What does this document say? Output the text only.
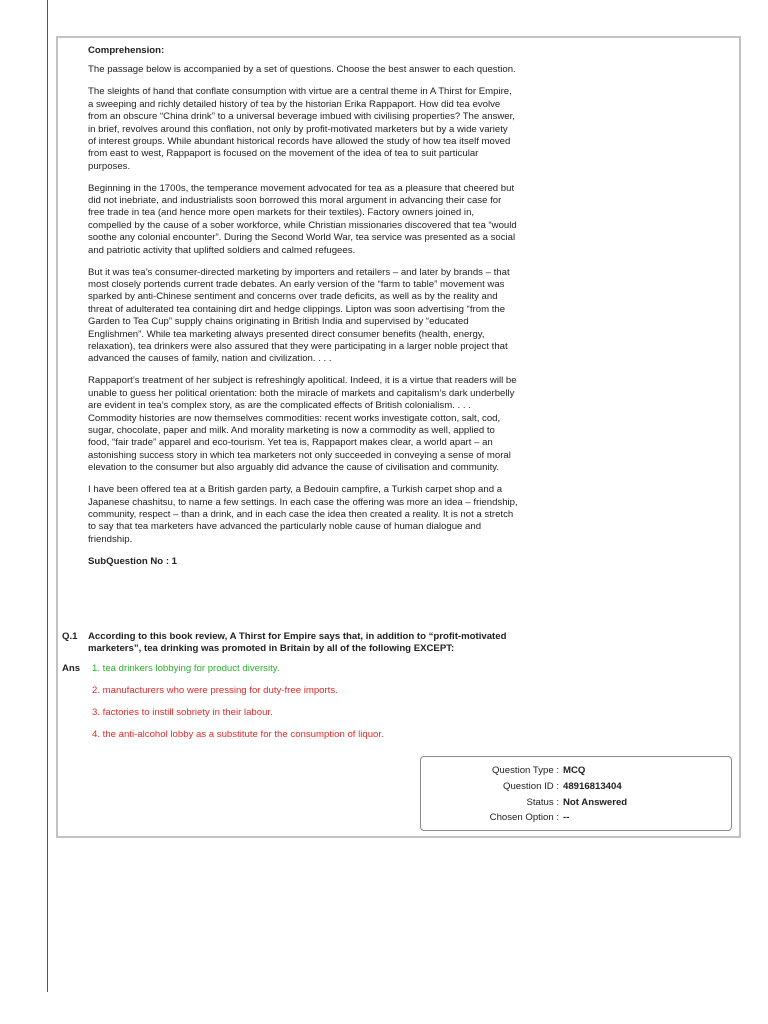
Comprehension:

The passage below is accompanied by a set of questions. Choose the best answer to each question.

The sleights of hand that conflate consumption with virtue are a central theme in A Thirst for Empire, a sweeping and richly detailed history of tea by the historian Erika Rappaport. How did tea evolve from an obscure “China drink” to a universal beverage imbued with civilising properties? The answer, in brief, revolves around this conflation, not only by profit-motivated marketers but by a wide variety of interest groups. While abundant historical records have allowed the study of how tea itself moved from east to west, Rappaport is focused on the movement of the idea of tea to suit particular purposes.

Beginning in the 1700s, the temperance movement advocated for tea as a pleasure that cheered but did not inebriate, and industrialists soon borrowed this moral argument in advancing their case for free trade in tea (and hence more open markets for their textiles). Factory owners joined in, compelled by the cause of a sober workforce, while Christian missionaries discovered that tea “would soothe any colonial encounter”. During the Second World War, tea service was presented as a social and patriotic activity that uplifted soldiers and calmed refugees.

But it was tea’s consumer-directed marketing by importers and retailers – and later by brands – that most closely portends current trade debates. An early version of the “farm to table” movement was sparked by anti-Chinese sentiment and concerns over trade deficits, as well as by the reality and threat of adulterated tea containing dirt and hedge clippings. Lipton was soon advertising “from the Garden to Tea Cup” supply chains originating in British India and supervised by “educated Englishmen”. While tea marketing always presented direct consumer benefits (health, energy, relaxation), tea drinkers were also assured that they were participating in a larger noble project that advanced the causes of family, nation and civilization. . . .

Rappaport’s treatment of her subject is refreshingly apolitical. Indeed, it is a virtue that readers will be unable to guess her political orientation: both the miracle of markets and capitalism’s dark underbelly are evident in tea’s complex story, as are the complicated effects of British colonialism. . . . Commodity histories are now themselves commodities: recent works investigate cotton, salt, cod, sugar, chocolate, paper and milk. And morality marketing is now a commodity as well, applied to food, “fair trade” apparel and eco-tourism. Yet tea is, Rappaport makes clear, a world apart – an astonishing success story in which tea marketers not only succeeded in conveying a sense of moral elevation to the consumer but also arguably did advance the cause of civilisation and community.

I have been offered tea at a British garden party, a Bedouin campfire, a Turkish carpet shop and a Japanese chashitsu, to name a few settings. In each case the offering was more an idea – friendship, community, respect – than a drink, and in each case the idea then created a reality. It is not a stretch to say that tea marketers have advanced the particularly noble cause of human dialogue and friendship.

SubQuestion No : 1
Q.1 According to this book review, A Thirst for Empire says that, in addition to “profit-motivated marketers”, tea drinking was promoted in Britain by all of the following EXCEPT:
Ans 1. tea drinkers lobbying for product diversity.
2. manufacturers who were pressing for duty-free imports.
3. factories to instill sobriety in their labour.
4. the anti-alcohol lobby as a substitute for the consumption of liquor.
Question Type : MCQ
Question ID : 48916813404
Status : Not Answered
Chosen Option : --
